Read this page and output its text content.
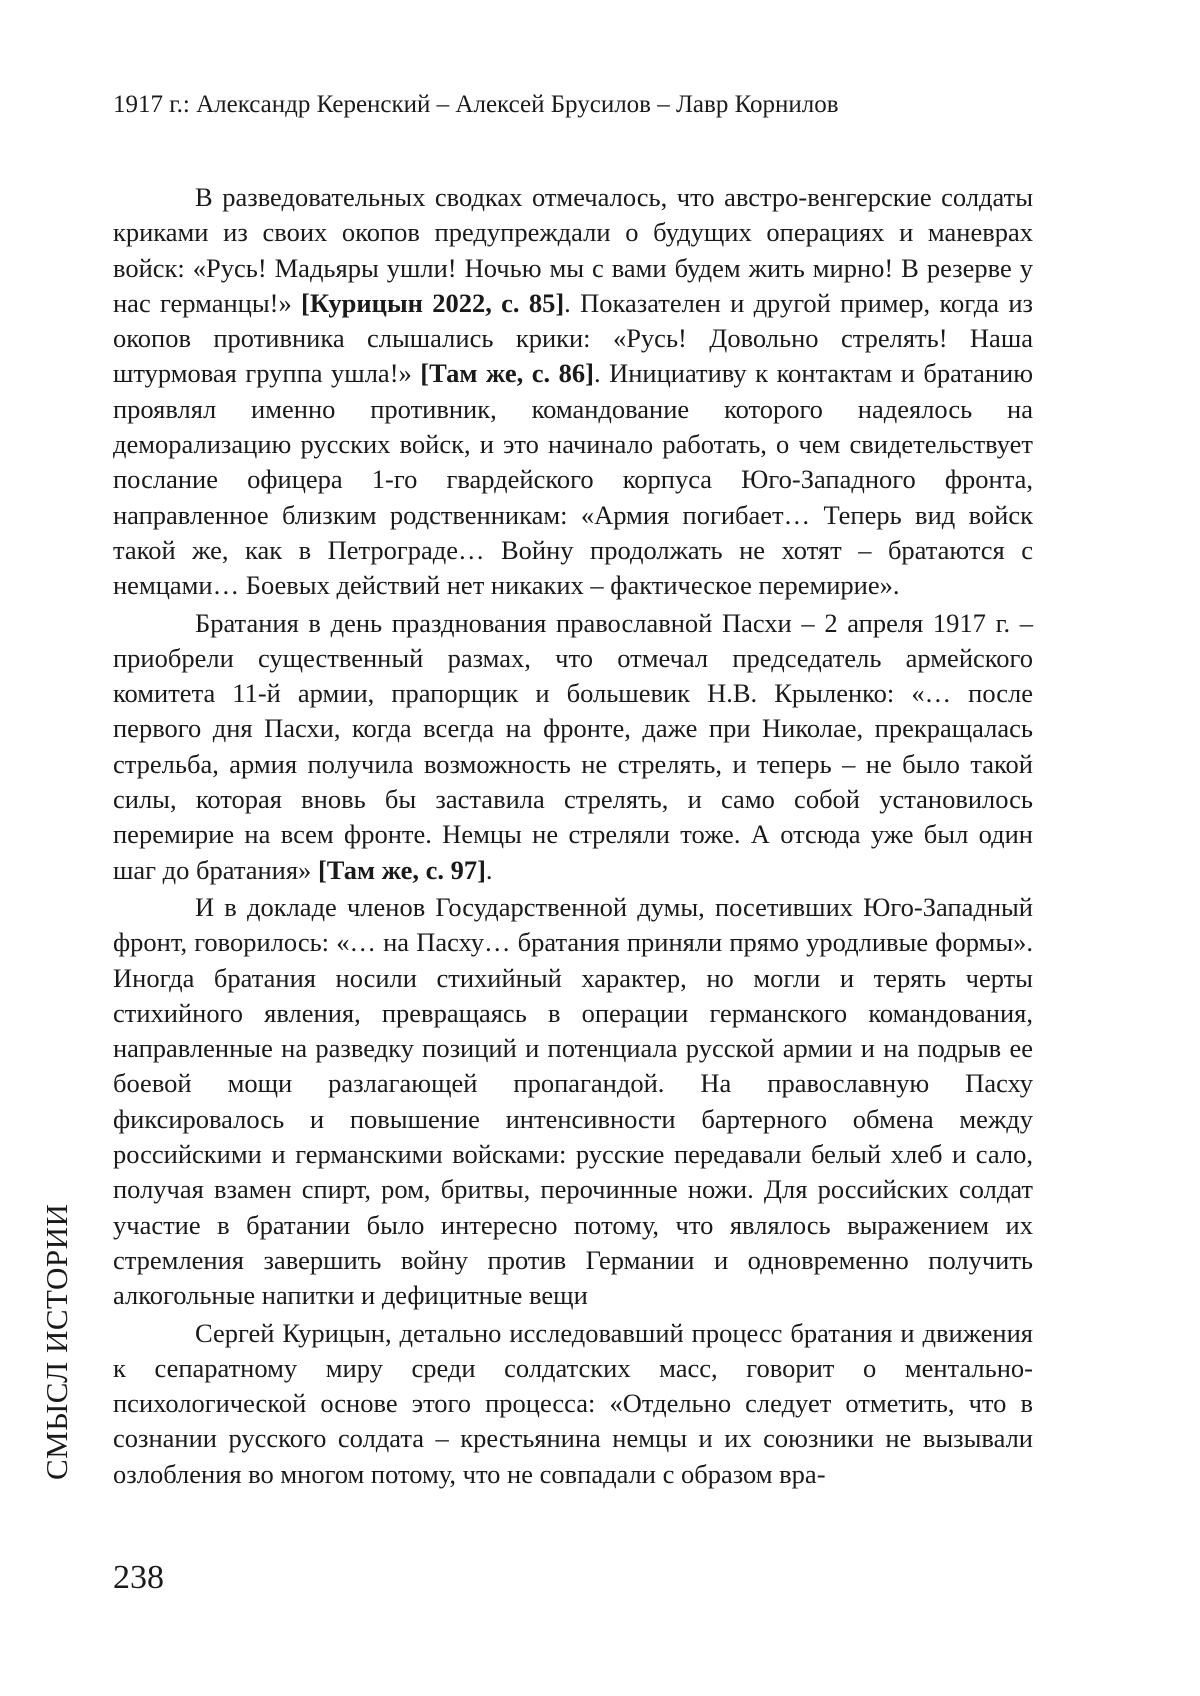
1917 г.: Александр Керенский – Алексей Брусилов – Лавр Корнилов

В разведовательных сводках отмечалось, что австро-венгерские солдаты криками из своих окопов предупреждали о будущих операциях и маневрах войск: «Русь! Мадьяры ушли! Ночью мы с вами будем жить мирно! В резерве у нас германцы!» [Курицын 2022, с. 85]. Показателен и другой пример, когда из окопов противника слышались крики: «Русь! Довольно стрелять! Наша штурмовая группа ушла!» [Там же, с. 86]. Инициативу к контактам и братанию проявлял именно противник, командование которого надеялось на деморализацию русских войск, и это начинало работать, о чем свидетельствует послание офицера 1-го гвардейского корпуса Юго-Западного фронта, направленное близким родственникам: «Армия погибает… Теперь вид войск такой же, как в Петрограде… Войну продолжать не хотят – братаются с немцами… Боевых действий нет никаких – фактическое перемирие».

Братания в день празднования православной Пасхи – 2 апреля 1917 г. – приобрели существенный размах, что отмечал председатель армейского комитета 11-й армии, прапорщик и большевик Н.В. Крыленко: «… после первого дня Пасхи, когда всегда на фронте, даже при Николае, прекращалась стрельба, армия получила возможность не стрелять, и теперь – не было такой силы, которая вновь бы заставила стрелять, и само собой установилось перемирие на всем фронте. Немцы не стреляли тоже. А отсюда уже был один шаг до братания» [Там же, с. 97].

И в докладе членов Государственной думы, посетивших Юго-Западный фронт, говорилось: «… на Пасху… братания приняли прямо уродливые формы». Иногда братания носили стихийный характер, но могли и терять черты стихийного явления, превращаясь в операции германского командования, направленные на разведку позиций и потенциала русской армии и на подрыв ее боевой мощи разлагающей пропагандой. На православную Пасху фиксировалось и повышение интенсивности бартерного обмена между российскими и германскими войсками: русские передавали белый хлеб и сало, получая взамен спирт, ром, бритвы, перочинные ножи. Для российских солдат участие в братании было интересно потому, что являлось выражением их стремления завершить войну против Германии и одновременно получить алкогольные напитки и дефицитные вещи

Сергей Курицын, детально исследовавший процесс братания и движения к сепаратному миру среди солдатских масс, говорит о ментально-психологической основе этого процесса: «Отдельно следует отметить, что в сознании русского солдата – крестьянина немцы и их союзники не вызывали озлобления во многом потому, что не совпадали с образом вра-

СМЫСЛ ИСТОРИИ
238
